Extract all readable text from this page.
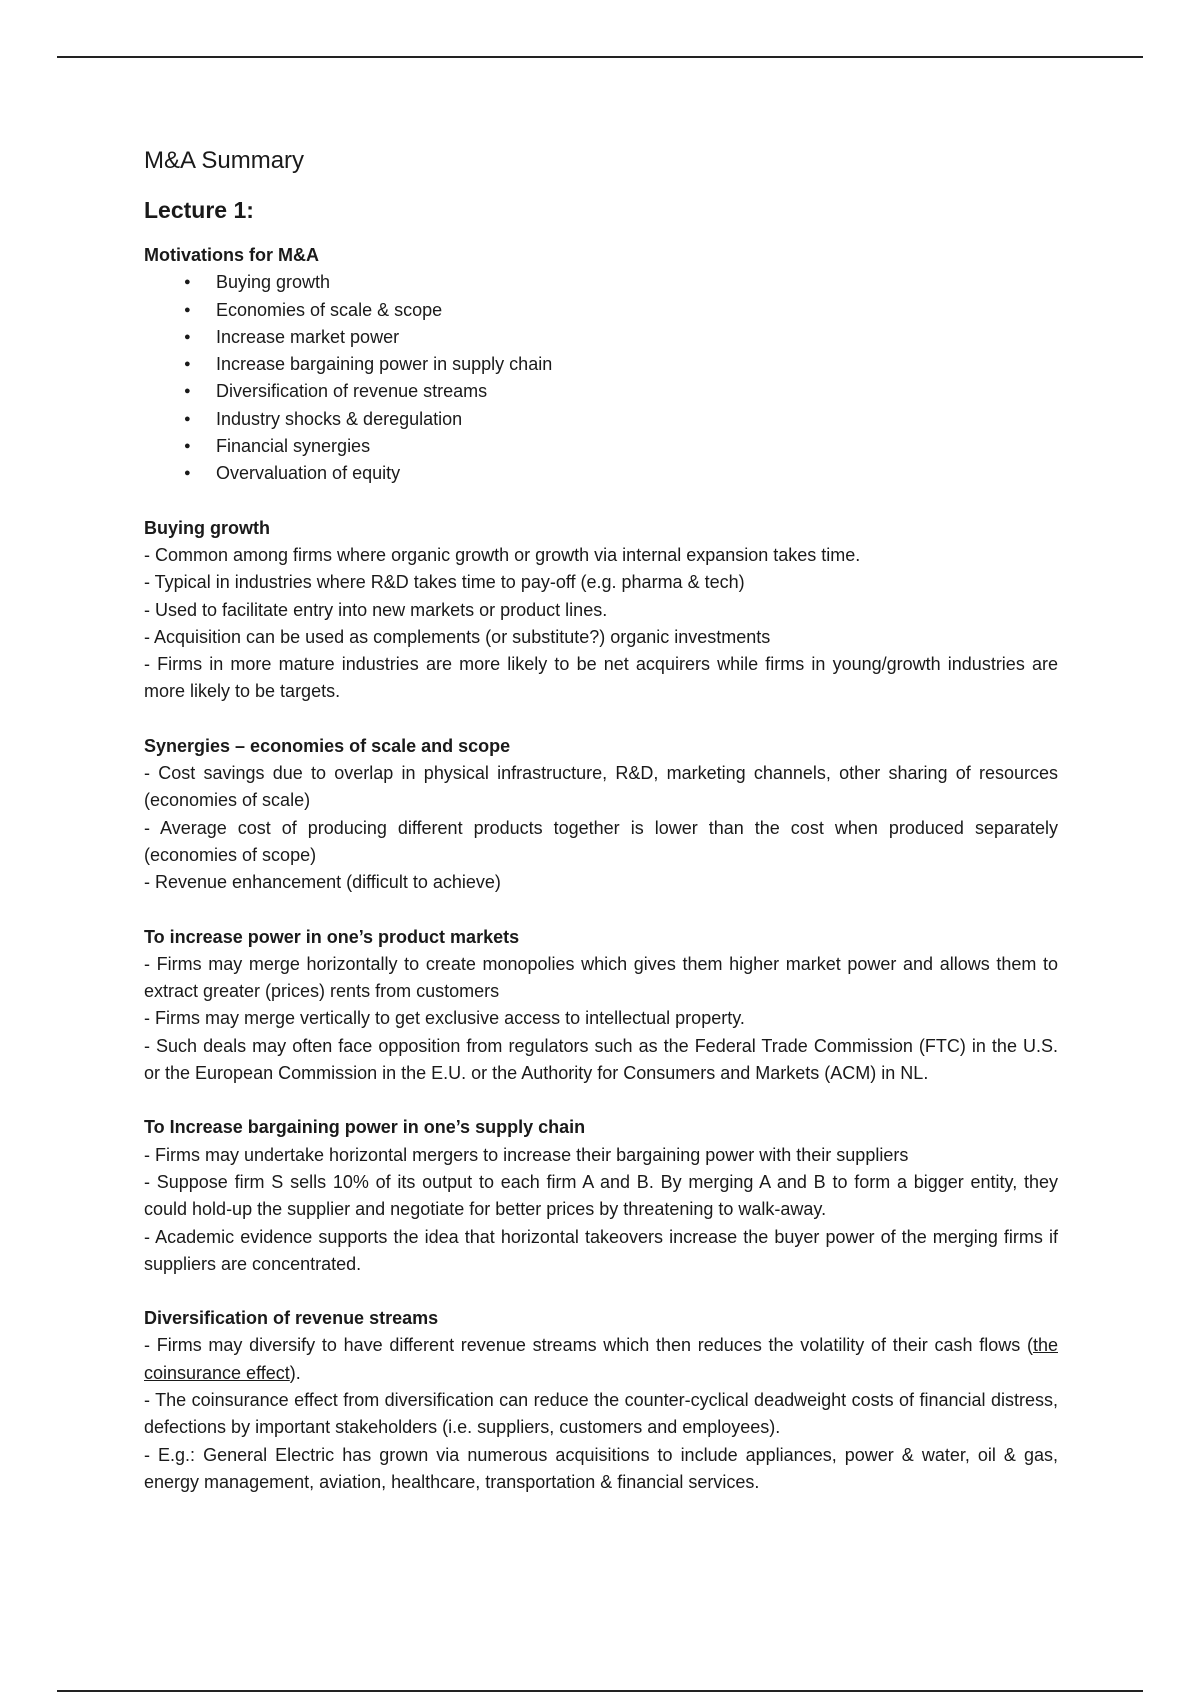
M&A Summary
Lecture 1:
Motivations for M&A
● Buying growth
● Economies of scale & scope
● Increase market power
● Increase bargaining power in supply chain
● Diversification of revenue streams
● Industry shocks & deregulation
● Financial synergies
● Overvaluation of equity
Buying growth

- Common among firms where organic growth or growth via internal expansion takes time.

- Typical in industries where R&D takes time to pay-off (e.g. pharma & tech)

- Used to facilitate entry into new markets or product lines.

- Acquisition can be used as complements (or substitute?) organic investments

- Firms in more mature industries are more likely to be net acquirers while firms in young/growth industries are more likely to be targets.

Synergies – economies of scale and scope

- Cost savings due to overlap in physical infrastructure, R&D, marketing channels, other sharing of resources (economies of scale)

- Average cost of producing different products together is lower than the cost when produced separately (economies of scope)

- Revenue enhancement (difficult to achieve)

To increase power in one’s product markets

- Firms may merge horizontally to create monopolies which gives them higher market power and allows them to extract greater (prices) rents from customers

- Firms may merge vertically to get exclusive access to intellectual property.

- Such deals may often face opposition from regulators such as the Federal Trade Commission (FTC) in the U.S. or the European Commission in the E.U. or the Authority for Consumers and Markets (ACM) in NL.

To Increase bargaining power in one’s supply chain

- Firms may undertake horizontal mergers to increase their bargaining power with their suppliers

- Suppose firm S sells 10% of its output to each firm A and B. By merging A and B to form a bigger entity, they could hold-up the supplier and negotiate for better prices by threatening to walk-away.

- Academic evidence supports the idea that horizontal takeovers increase the buyer power of the merging firms if suppliers are concentrated.

Diversification of revenue streams

- Firms may diversify to have different revenue streams which then reduces the volatility of their cash flows (the coinsurance effect).

- The coinsurance effect from diversification can reduce the counter-cyclical deadweight costs of financial distress, defections by important stakeholders (i.e. suppliers, customers and employees).

- E.g.: General Electric has grown via numerous acquisitions to include appliances, power & water, oil & gas, energy management, aviation, healthcare, transportation & financial services.
